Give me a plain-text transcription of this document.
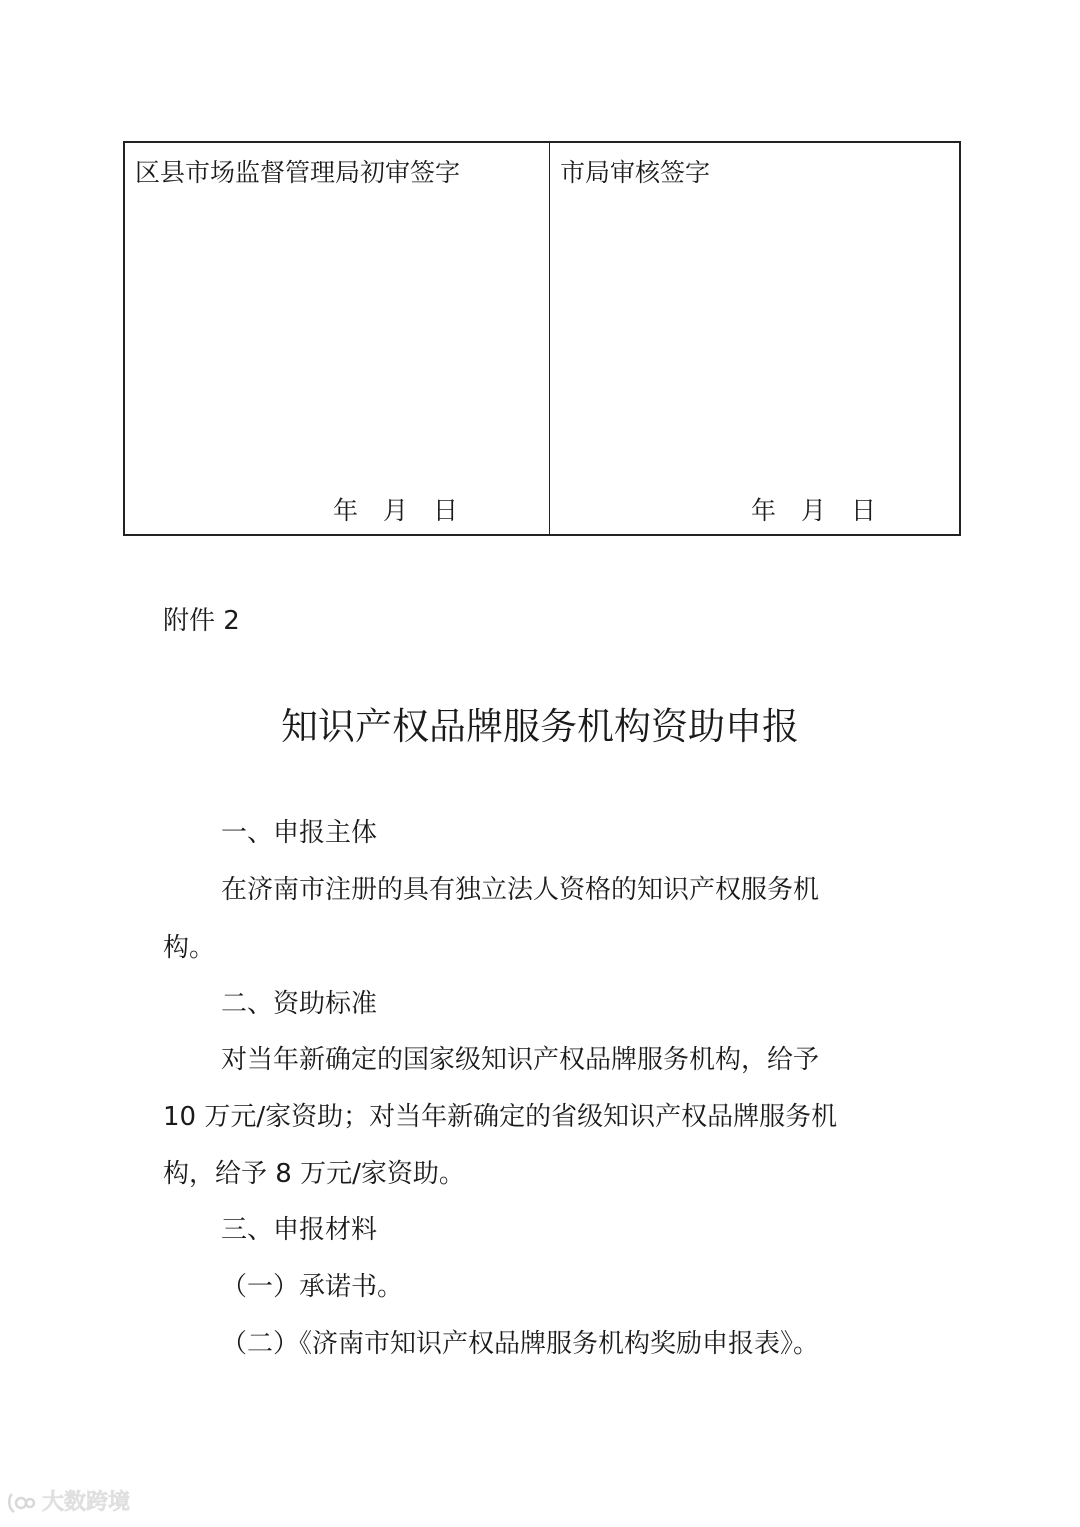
区县市场监督管理局初审签字
年 月 日
市局审核签字
年 月 日
附件 2
知识产权品牌服务机构资助申报
一、申报主体
在济南市注册的具有独立法人资格的知识产权服务机
构。
二、资助标准
对当年新确定的国家级知识产权品牌服务机构，给予
10 万元/家资助；对当年新确定的省级知识产权品牌服务机
构，给予 8 万元/家资助。
三、申报材料
（一）承诺书。
（二）《济南市知识产权品牌服务机构奖励申报表》。
大数跨境
